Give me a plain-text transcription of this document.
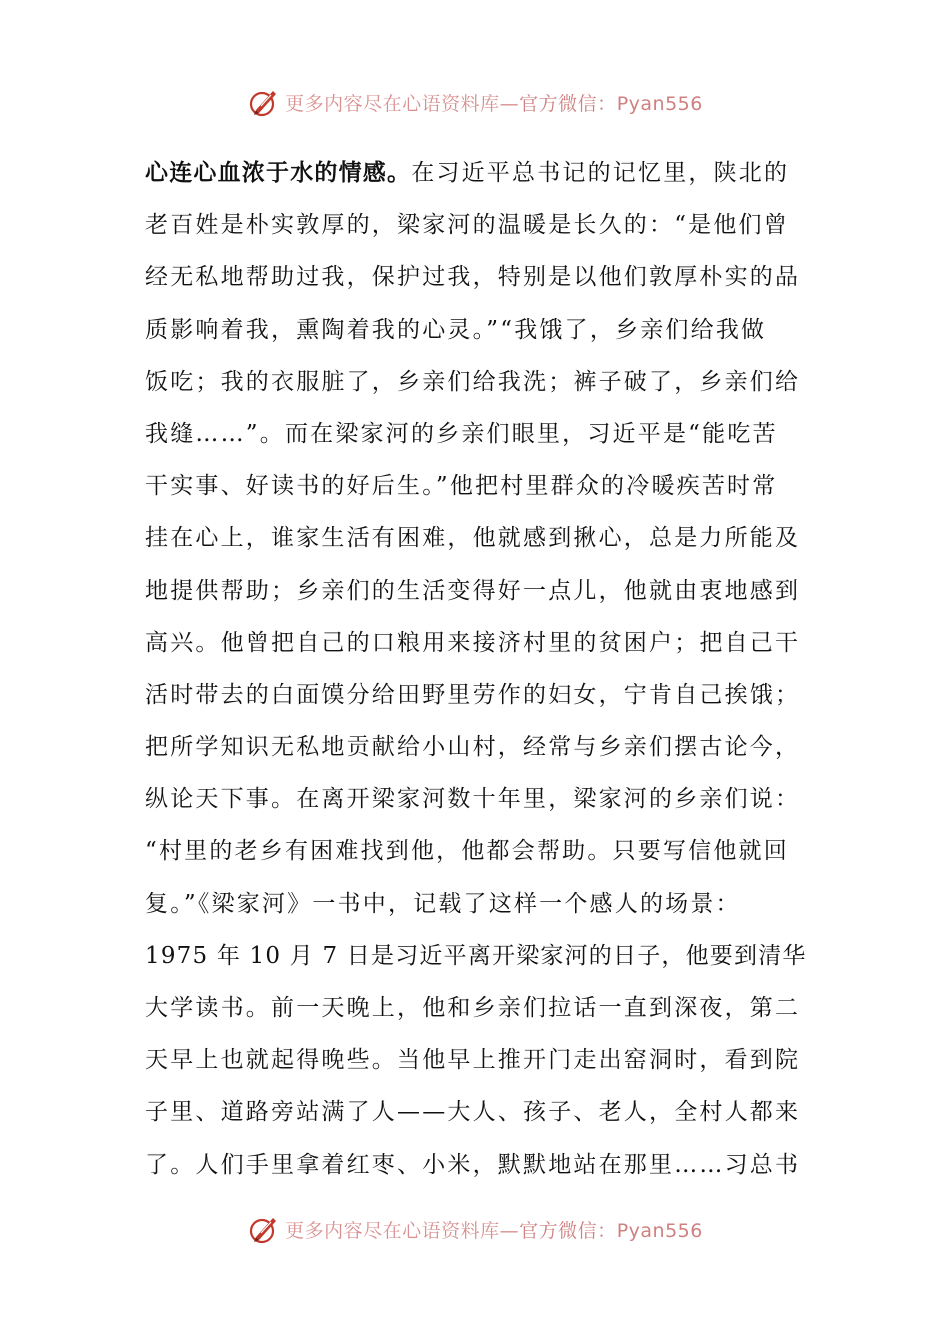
更多内容尽在心语资料库—官方微信：Pyan556
心连心血浓于水的情感。在习近平总书记的记忆里，陕北的
老百姓是朴实敦厚的，梁家河的温暖是长久的：“是他们曾
经无私地帮助过我，保护过我，特别是以他们敦厚朴实的品
质影响着我，熏陶着我的心灵。”“我饿了，乡亲们给我做
饭吃；我的衣服脏了，乡亲们给我洗；裤子破了，乡亲们给
我缝……”。而在梁家河的乡亲们眼里，习近平是“能吃苦
干实事、好读书的好后生。”他把村里群众的冷暖疾苦时常
挂在心上，谁家生活有困难，他就感到揪心，总是力所能及
地提供帮助；乡亲们的生活变得好一点儿，他就由衷地感到
高兴。他曾把自己的口粮用来接济村里的贫困户；把自己干
活时带去的白面馍分给田野里劳作的妇女，宁肯自己挨饿；
把所学知识无私地贡献给小山村，经常与乡亲们摆古论今，
纵论天下事。在离开梁家河数十年里，梁家河的乡亲们说：
“村里的老乡有困难找到他，他都会帮助。只要写信他就回
复。”《梁家河》一书中，记载了这样一个感人的场景：
1975 年 10 月 7 日是习近平离开梁家河的日子，他要到清华
大学读书。前一天晚上，他和乡亲们拉话一直到深夜，第二
天早上也就起得晚些。当他早上推开门走出窑洞时，看到院
子里、道路旁站满了人——大人、孩子、老人，全村人都来
了。人们手里拿着红枣、小米，默默地站在那里……习总书
更多内容尽在心语资料库—官方微信：Pyan556
